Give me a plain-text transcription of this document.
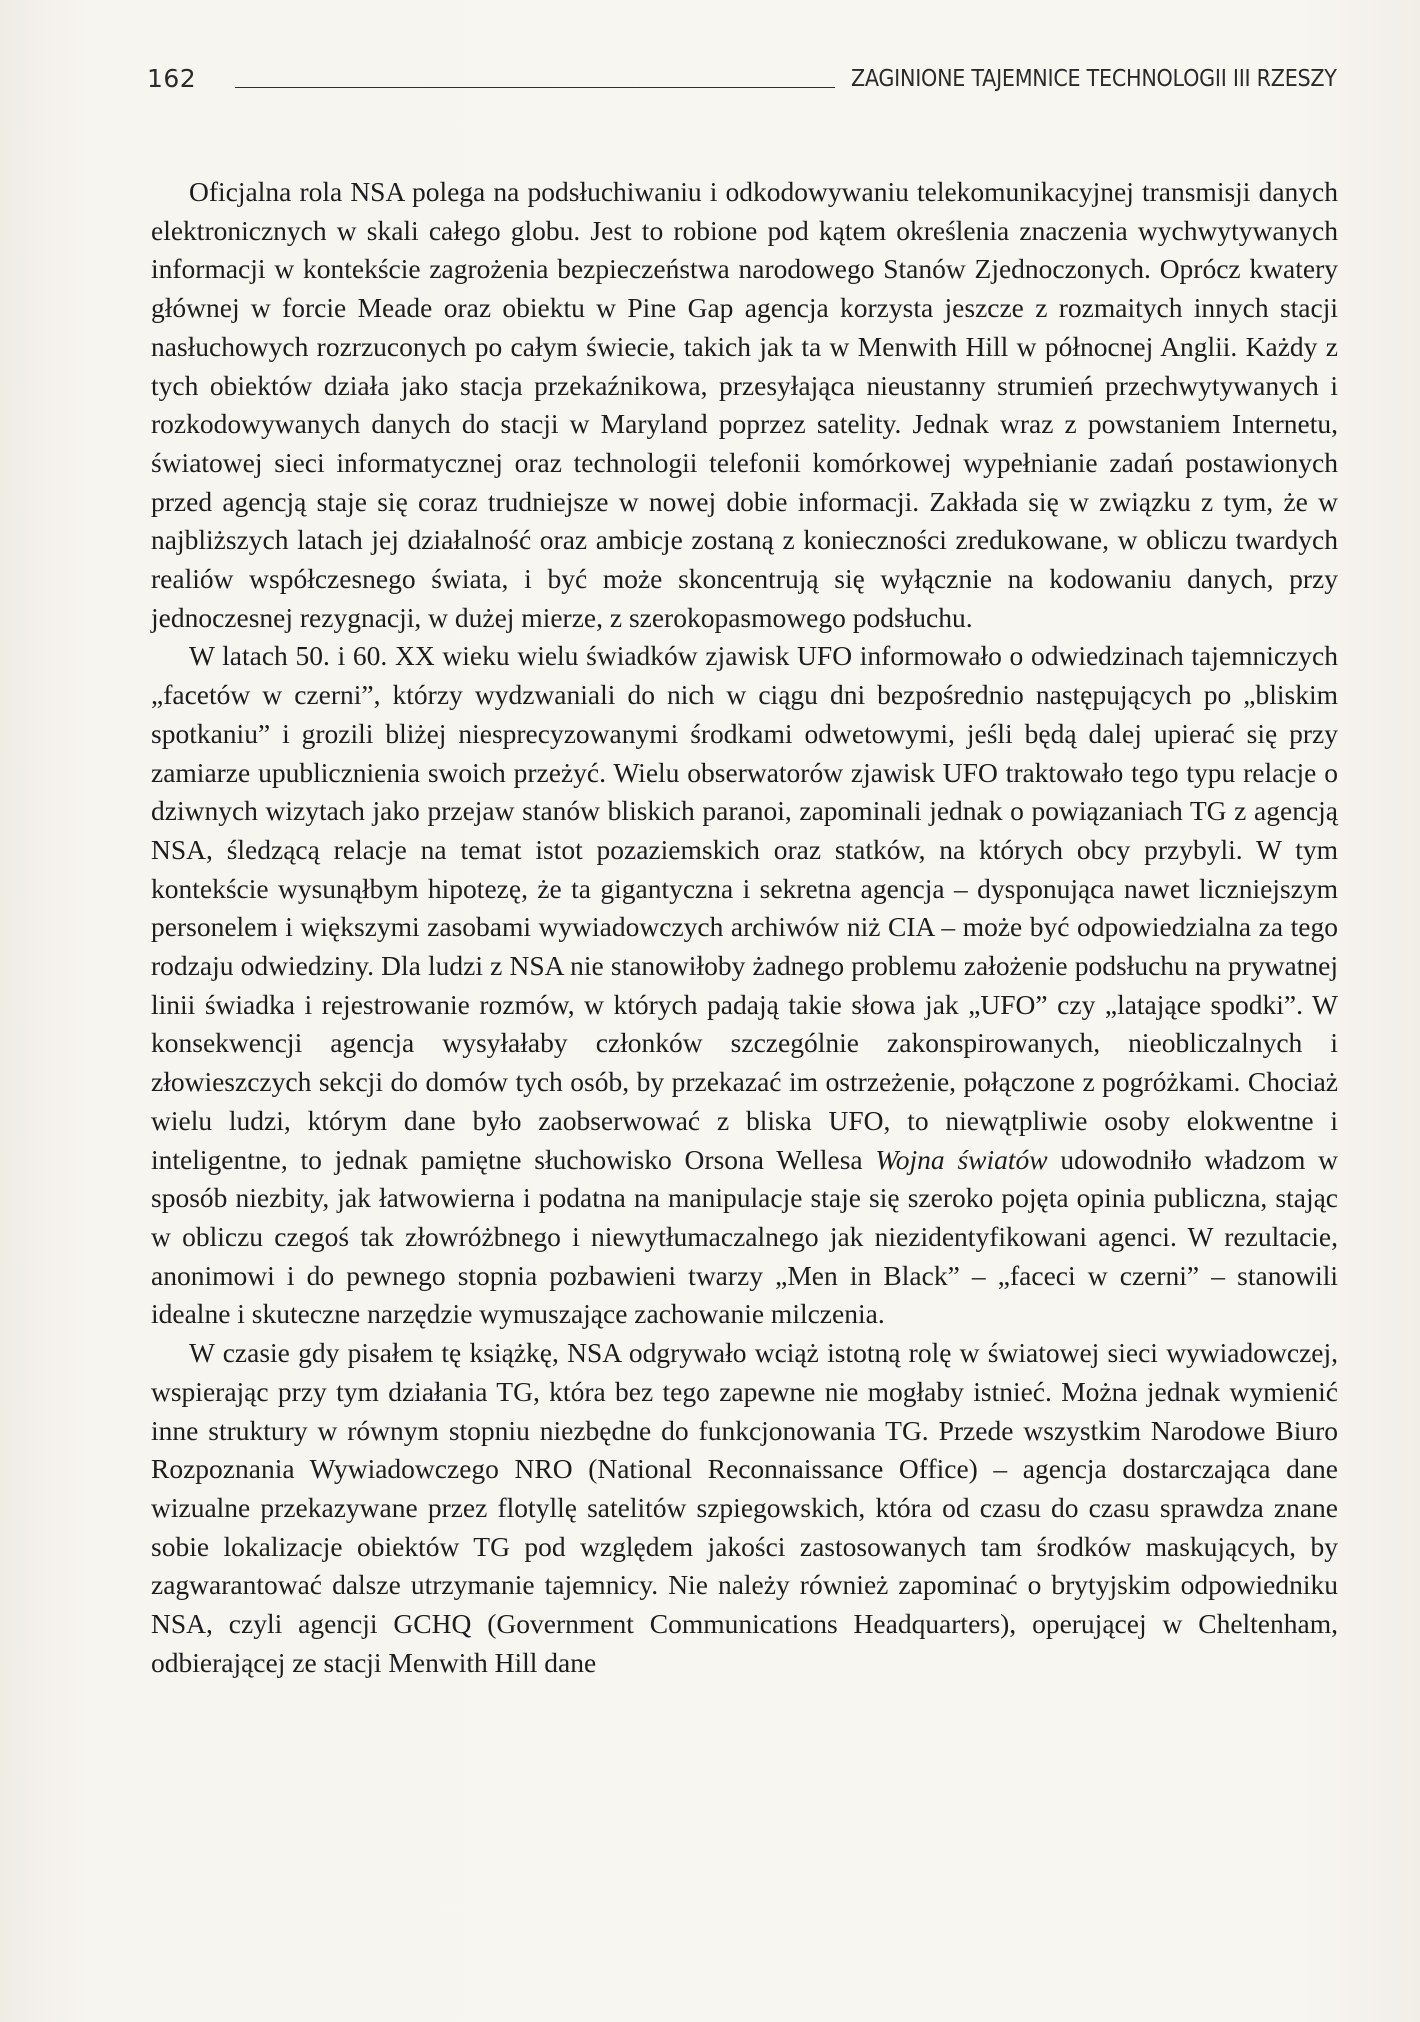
162	ZAGINIONE TAJEMNICE TECHNOLOGII III RZESZY

Oficjalna rola NSA polega na podsłuchiwaniu i odkodowywaniu telekomunikacyjnej transmisji danych elektronicznych w skali całego globu. Jest to robione pod kątem określenia znaczenia wychwytywanych informacji w kontekście zagrożenia bezpieczeństwa narodowego Stanów Zjednoczonych. Oprócz kwatery głównej w forcie Meade oraz obiektu w Pine Gap agencja korzysta jeszcze z rozmaitych innych stacji nasłuchowych rozrzuconych po całym świecie, takich jak ta w Menwith Hill w północnej Anglii. Każdy z tych obiektów działa jako stacja przekaźnikowa, przesyłająca nieustanny strumień przechwytywanych i rozkodowywanych danych do stacji w Maryland poprzez satelity. Jednak wraz z powstaniem Internetu, światowej sieci informatycznej oraz technologii telefonii komórkowej wypełnianie zadań postawionych przed agencją staje się coraz trudniejsze w nowej dobie informacji. Zakłada się w związku z tym, że w najbliższych latach jej działalność oraz ambicje zostaną z konieczności zredukowane, w obliczu twardych realiów współczesnego świata, i być może skoncentrują się wyłącznie na kodowaniu danych, przy jednoczesnej rezygnacji, w dużej mierze, z szerokopasmowego podsłuchu.

W latach 50. i 60. XX wieku wielu świadków zjawisk UFO informowało o odwiedzinach tajemniczych „facetów w czerni”, którzy wydzwaniali do nich w ciągu dni bezpośrednio następujących po „bliskim spotkaniu” i grozili bliżej niesprecyzowanymi środkami odwetowymi, jeśli będą dalej upierać się przy zamiarze upublicznienia swoich przeżyć. Wielu obserwatorów zjawisk UFO traktowało tego typu relacje o dziwnych wizytach jako przejaw stanów bliskich paranoi, zapominali jednak o powiązaniach TG z agencją NSA, śledzącą relacje na temat istot pozaziemskich oraz statków, na których obcy przybyli. W tym kontekście wysunąłbym hipotezę, że ta gigantyczna i sekretna agencja – dysponująca nawet liczniejszym personelem i większymi zasobami wywiadowczych archiwów niż CIA – może być odpowiedzialna za tego rodzaju odwiedziny. Dla ludzi z NSA nie stanowiłoby żadnego problemu założenie podsłuchu na prywatnej linii świadka i rejestrowanie rozmów, w których padają takie słowa jak „UFO” czy „latające spodki”. W konsekwencji agencja wysyłałaby członków szczególnie zakonspirowanych, nieobliczalnych i złowieszczych sekcji do domów tych osób, by przekazać im ostrzeżenie, połączone z pogróżkami. Chociaż wielu ludzi, którym dane było zaobserwować z bliska UFO, to niewątpliwie osoby elokwentne i inteligentne, to jednak pamiętne słuchowisko Orsona Wellesa Wojna światów udowodniło władzom w sposób niezbity, jak łatwowierna i podatna na manipulacje staje się szeroko pojęta opinia publiczna, stając w obliczu czegoś tak złowróżbnego i niewytłumaczalnego jak niezidentyfikowani agenci. W rezultacie, anonimowi i do pewnego stopnia pozbawieni twarzy „Men in Black” – „faceci w czerni” – stanowili idealne i skuteczne narzędzie wymuszające zachowanie milczenia.

W czasie gdy pisałem tę książkę, NSA odgrywało wciąż istotną rolę w światowej sieci wywiadowczej, wspierając przy tym działania TG, która bez tego zapewne nie mogłaby istnieć. Można jednak wymienić inne struktury w równym stopniu niezbędne do funkcjonowania TG. Przede wszystkim Narodowe Biuro Rozpoznania Wywiadowczego NRO (National Reconnaissance Office) – agencja dostarczająca dane wizualne przekazywane przez flotyllę satelitów szpiegowskich, która od czasu do czasu sprawdza znane sobie lokalizacje obiektów TG pod względem jakości zastosowanych tam środków maskujących, by zagwarantować dalsze utrzymanie tajemnicy. Nie należy również zapominać o brytyjskim odpowiedniku NSA, czyli agencji GCHQ (Government Communications Headquarters), operującej w Cheltenham, odbierającej ze stacji Menwith Hill dane
